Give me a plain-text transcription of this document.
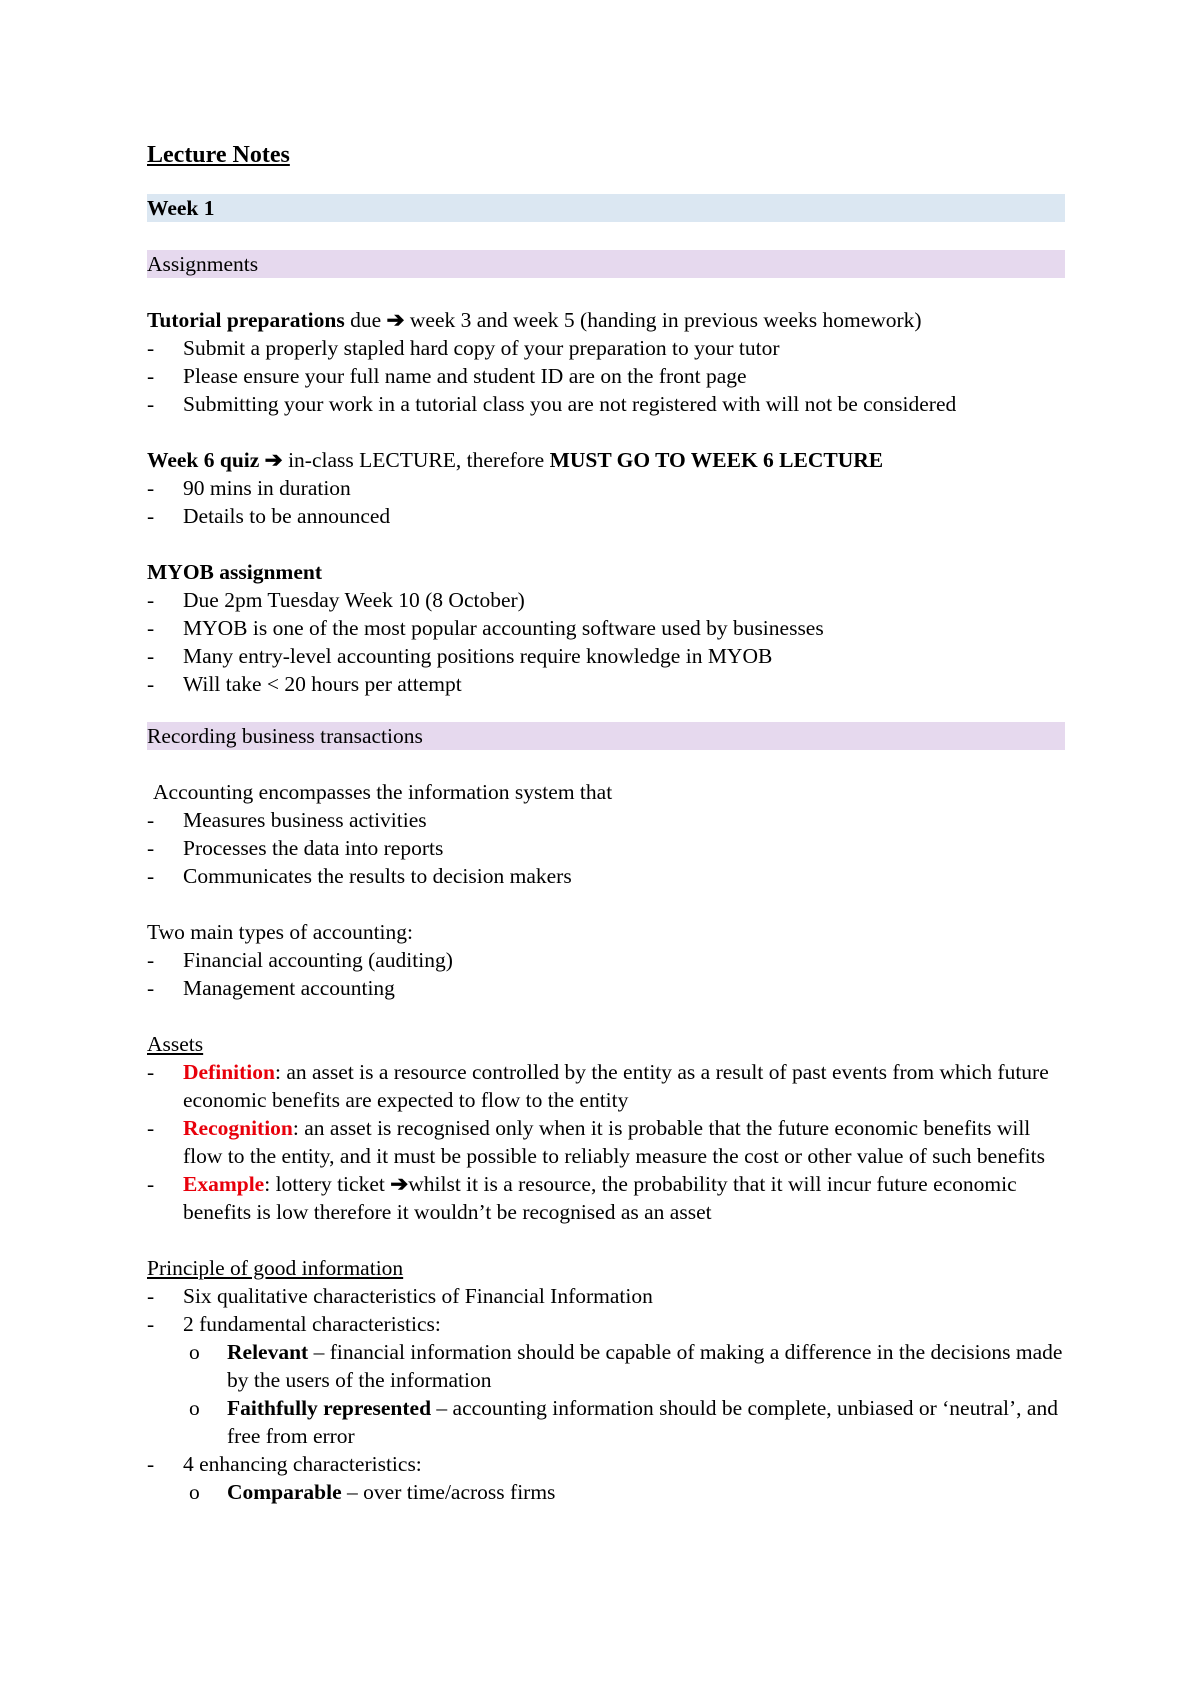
Lecture Notes
Week 1
Assignments

Tutorial preparations due ➔ week 3 and week 5 (handing in previous weeks homework)

-	Submit a properly stapled hard copy of your preparation to your tutor
-	Please ensure your full name and student ID are on the front page
-	Submitting your work in a tutorial class you are not registered with will not be considered

Week 6 quiz ➔ in-class LECTURE, therefore MUST GO TO WEEK 6 LECTURE

-	90 mins in duration
-	Details to be announced

MYOB assignment

-	Due 2pm Tuesday Week 10 (8 October)
-	MYOB is one of the most popular accounting software used by businesses
-	Many entry-level accounting positions require knowledge in MYOB
-	Will take < 20 hours per attempt
Recording business transactions

Accounting encompasses the information system that

-	Measures business activities
-	Processes the data into reports
-	Communicates the results to decision makers

Two main types of accounting:

-	Financial accounting (auditing)
-	Management accounting

Assets

-	Definition: an asset is a resource controlled by the entity as a result of past events from which future economic benefits are expected to flow to the entity
-	Recognition: an asset is recognised only when it is probable that the future economic benefits will flow to the entity, and it must be possible to reliably measure the cost or other value of such benefits
-	Example: lottery ticket ➔whilst it is a resource, the probability that it will incur future economic benefits is low therefore it wouldn’t be recognised as an asset

Principle of good information

-	Six qualitative characteristics of Financial Information
-	2 fundamental characteristics:
o Relevant – financial information should be capable of making a difference in the decisions made by the users of the information
o Faithfully represented – accounting information should be complete, unbiased or ‘neutral’, and free from error
-	4 enhancing characteristics:
o Comparable – over time/across firms
